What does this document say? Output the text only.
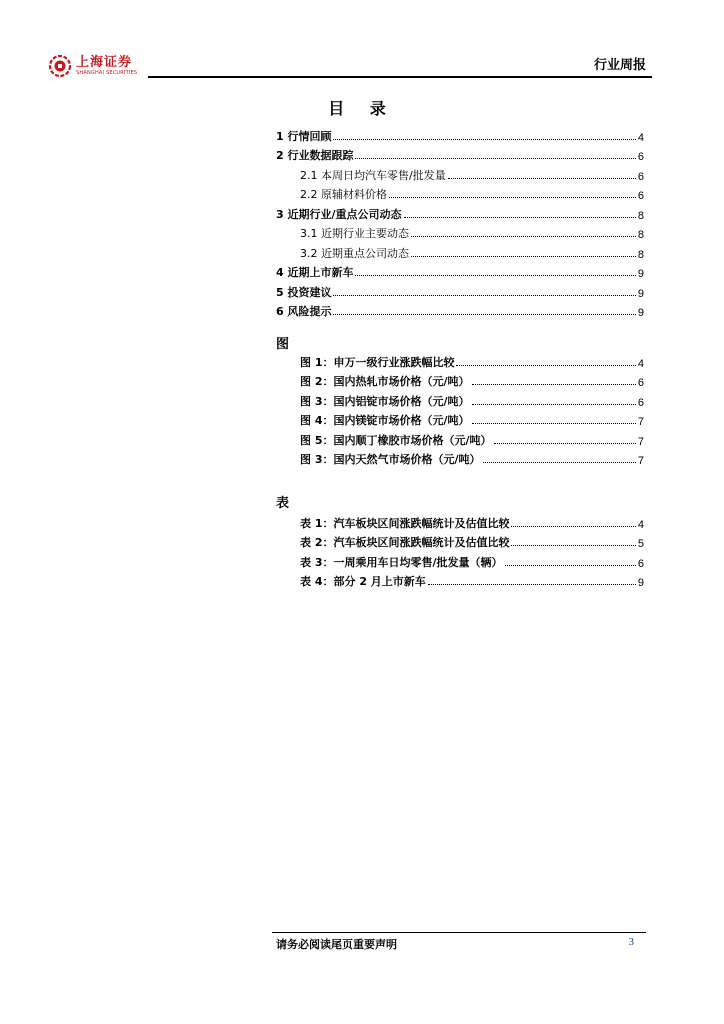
上海证券
SHANGHAI SECURITIES	行业周报
目 录
1 行情回顾	4
2 行业数据跟踪	6
2.1 本周日均汽车零售/批发量	6
2.2 原辅材料价格	6
3 近期行业/重点公司动态	8
3.1 近期行业主要动态	8
3.2 近期重点公司动态	8
4 近期上市新车	9
5 投资建议	9
6 风险提示	9
图
图 1：申万一级行业涨跌幅比较	4
图 2：国内热轧市场价格（元/吨）	6
图 3：国内铝锭市场价格（元/吨）	6
图 4：国内镁锭市场价格（元/吨）	7
图 5：国内顺丁橡胶市场价格（元/吨）	7
图 3：国内天然气市场价格（元/吨）	7
表
表 1：汽车板块区间涨跌幅统计及估值比较	4
表 2：汽车板块区间涨跌幅统计及估值比较	5
表 3：一周乘用车日均零售/批发量（辆）	6
表 4：部分 2 月上市新车	9
请务必阅读尾页重要声明	3
